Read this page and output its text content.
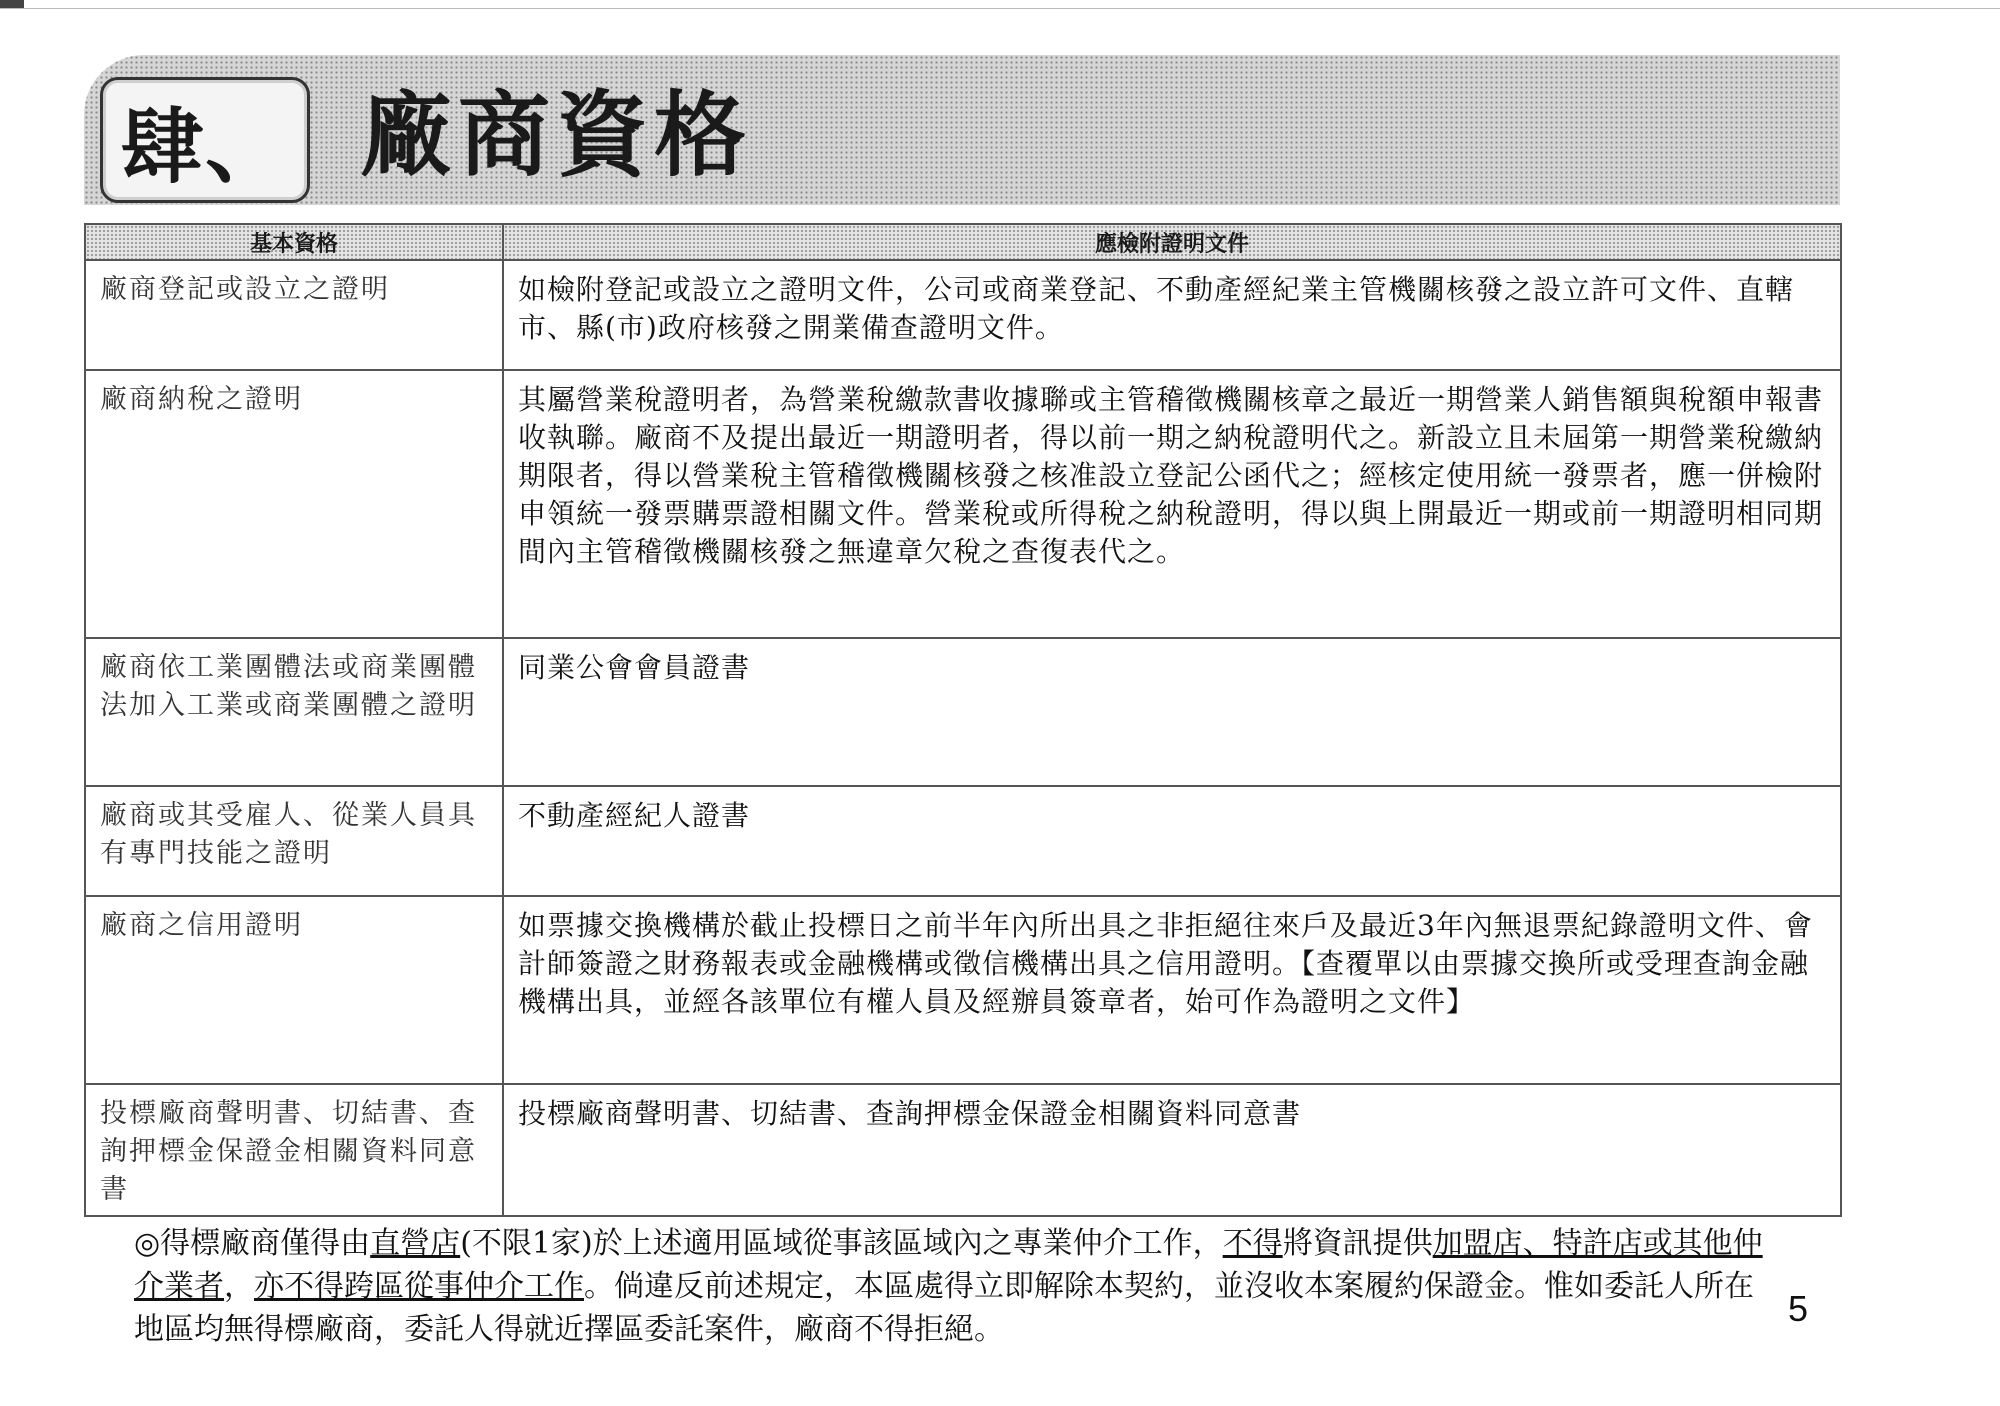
肆、 廠商資格
基本資格	應檢附證明文件
廠商登記或設立之證明	如檢附登記或設立之證明文件，公司或商業登記、不動產經紀業主管機關核發之設立許可文件、直轄市、縣(市)政府核發之開業備查證明文件。
廠商納稅之證明	其屬營業稅證明者，為營業稅繳款書收據聯或主管稽徵機關核章之最近一期營業人銷售額與稅額申報書收執聯。廠商不及提出最近一期證明者，得以前一期之納稅證明代之。新設立且未屆第一期營業稅繳納期限者，得以營業稅主管稽徵機關核發之核准設立登記公函代之；經核定使用統一發票者，應一併檢附申領統一發票購票證相關文件。營業稅或所得稅之納稅證明，得以與上開最近一期或前一期證明相同期間內主管稽徵機關核發之無違章欠稅之查復表代之。
廠商依工業團體法或商業團體法加入工業或商業團體之證明	同業公會會員證書
廠商或其受雇人、從業人員具有專門技能之證明	不動產經紀人證書
廠商之信用證明	如票據交換機構於截止投標日之前半年內所出具之非拒絕往來戶及最近3年內無退票紀錄證明文件、會計師簽證之財務報表或金融機構或徵信機構出具之信用證明。【查覆單以由票據交換所或受理查詢金融機構出具，並經各該單位有權人員及經辦員簽章者，始可作為證明之文件】
投標廠商聲明書、切結書、查詢押標金保證金相關資料同意書	投標廠商聲明書、切結書、查詢押標金保證金相關資料同意書
◎得標廠商僅得由直營店(不限1家)於上述適用區域從事該區域內之專業仲介工作，不得將資訊提供加盟店、特許店或其他仲介業者，亦不得跨區從事仲介工作。倘違反前述規定，本區處得立即解除本契約，並沒收本案履約保證金。惟如委託人所在地區均無得標廠商，委託人得就近擇區委託案件，廠商不得拒絕。
5
